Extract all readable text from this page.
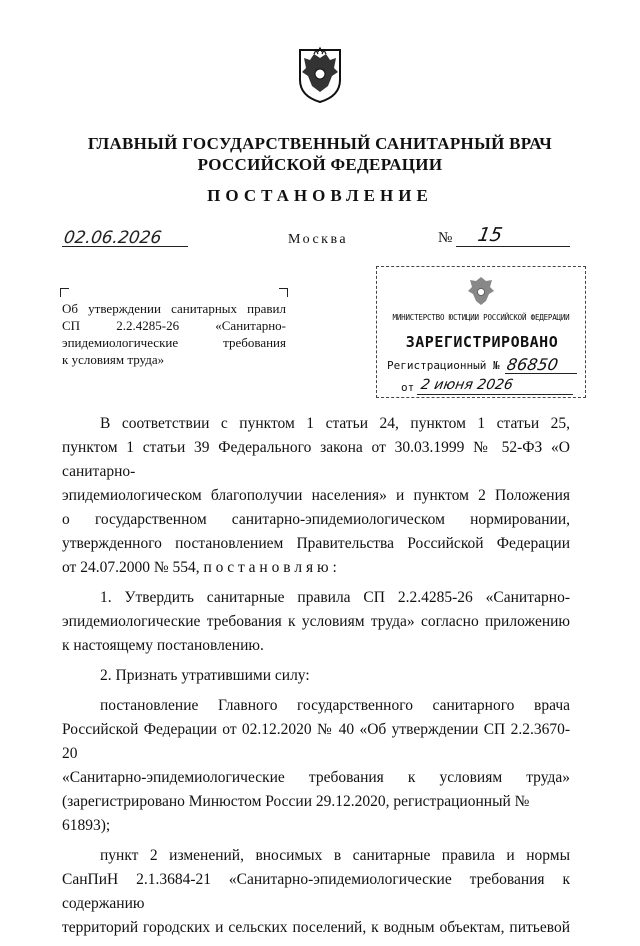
ГЛАВНЫЙ ГОСУДАРСТВЕННЫЙ САНИТАРНЫЙ ВРАЧ
РОССИЙСКОЙ ФЕДЕРАЦИИ
ПОСТАНОВЛЕНИЕ
02.06.2026	Москва	№ 15
Об утверждении санитарных правил
СП 2.2.4285-26 «Санитарно-
эпидемиологические требования
к условиям труда»
МИНИСТЕРСТВО ЮСТИЦИИ РОССИЙСКОЙ ФЕДЕРАЦИИ
ЗАРЕГИСТРИРОВАНО
Регистрационный № 86850
от 2 июня 2026

В соответствии с пунктом 1 статьи 24, пунктом 1 статьи 25,
пунктом 1 статьи 39 Федерального закона от 30.03.1999 № 52-ФЗ «О санитарно-
эпидемиологическом благополучии населения» и пунктом 2 Положения
о государственном санитарно-эпидемиологическом нормировании,
утвержденного постановлением Правительства Российской Федерации
от 24.07.2000 № 554, п о с т а н о в л я ю :

1. Утвердить санитарные правила СП 2.2.4285-26 «Санитарно-
эпидемиологические требования к условиям труда» согласно приложению
к настоящему постановлению.

2. Признать утратившими силу:

постановление Главного государственного санитарного врача
Российской Федерации от 02.12.2020 № 40 «Об утверждении СП 2.2.3670-20
«Санитарно-эпидемиологические требования к условиям труда»
(зарегистрировано Минюстом России 29.12.2020, регистрационный № 61893);

пункт 2 изменений, вносимых в санитарные правила и нормы
СанПиН 2.1.3684-21 «Санитарно-эпидемиологические требования к содержанию
территорий городских и сельских поселений, к водным объектам, питьевой
